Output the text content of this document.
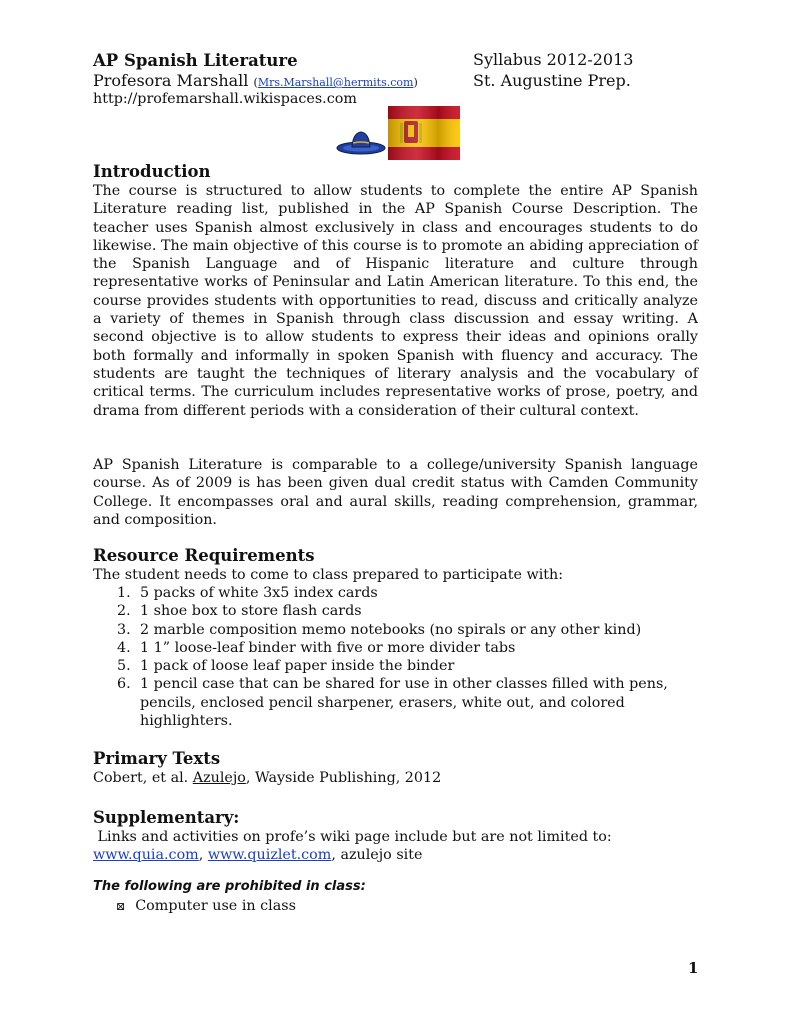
AP Spanish Literature	Syllabus 2012-2013
Profesora Marshall (Mrs.Marshall@hermits.com)	St. Augustine Prep.
http://profemarshall.wikispaces.com
Introduction

The course is structured to allow students to complete the entire AP Spanish Literature reading list, published in the AP Spanish Course Description. The teacher uses Spanish almost exclusively in class and encourages students to do likewise. The main objective of this course is to promote an abiding appreciation of the Spanish Language and of Hispanic literature and culture through representative works of Peninsular and Latin American literature. To this end, the course provides students with opportunities to read, discuss and critically analyze a variety of themes in Spanish through class discussion and essay writing. A second objective is to allow students to express their ideas and opinions orally both formally and informally in spoken Spanish with fluency and accuracy. The students are taught the techniques of literary analysis and the vocabulary of critical terms. The curriculum includes representative works of prose, poetry, and drama from different periods with a consideration of their cultural context.

AP Spanish Literature is comparable to a college/university Spanish language course. As of 2009 is has been given dual credit status with Camden Community College. It encompasses oral and aural skills, reading comprehension, grammar, and composition.

Resource Requirements

The student needs to come to class prepared to participate with:

1. 5 packs of white 3x5 index cards
2. 1 shoe box to store flash cards
3. 2 marble composition memo notebooks (no spirals or any other kind)
4. 1 1” loose-leaf binder with five or more divider tabs
5. 1 pack of loose leaf paper inside the binder
6. 1 pencil case that can be shared for use in other classes filled with pens, pencils, enclosed pencil sharpener, erasers, white out, and colored highlighters.
Primary Texts

Cobert, et al. Azulejo, Wayside Publishing, 2012

Supplementary:

Links and activities on profe’s wiki page include but are not limited to:

www.quia.com, www.quizlet.com, azulejo site

The following are prohibited in class:
⊠ Computer use in class
1
